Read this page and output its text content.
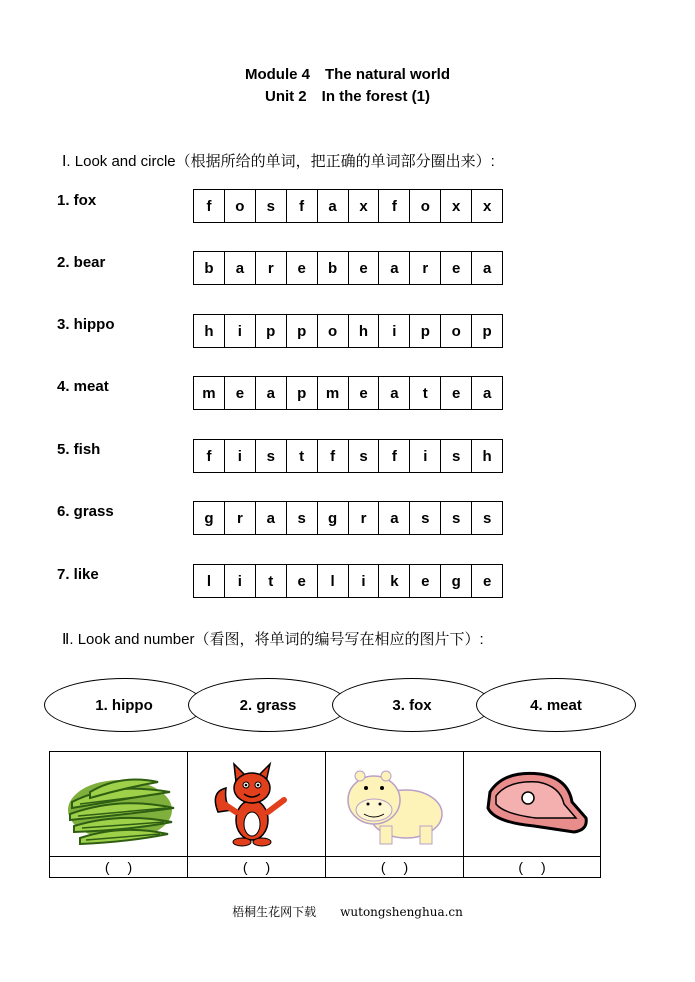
Module 4 The natural world
Unit 2 In the forest (1)
Ⅰ. Look and circle（根据所给的单词，把正确的单词部分圈出来）:
1. fox	f	o	s	f	a	x	f	o	x	x
2. bear	b	a	r	e	b	e	a	r	e	a
3. hippo	h	i	p	p	o	h	i	p	o	p
4. meat	m	e	a	p	m	e	a	t	e	a
5. fish	f	i	s	t	f	s	f	i	s	h
6. grass	g	r	a	s	g	r	a	s	s	s
7. like	l	i	t	e	l	i	k	e	g	e
Ⅱ. Look and number（看图，将单词的编号写在相应的图片下）:
1. hippo	2. grass	3. fox	4. meat
(　 )	(　 )	(　 )	(　 )
梧桐生花网下载　　wutongshenghua.cn
